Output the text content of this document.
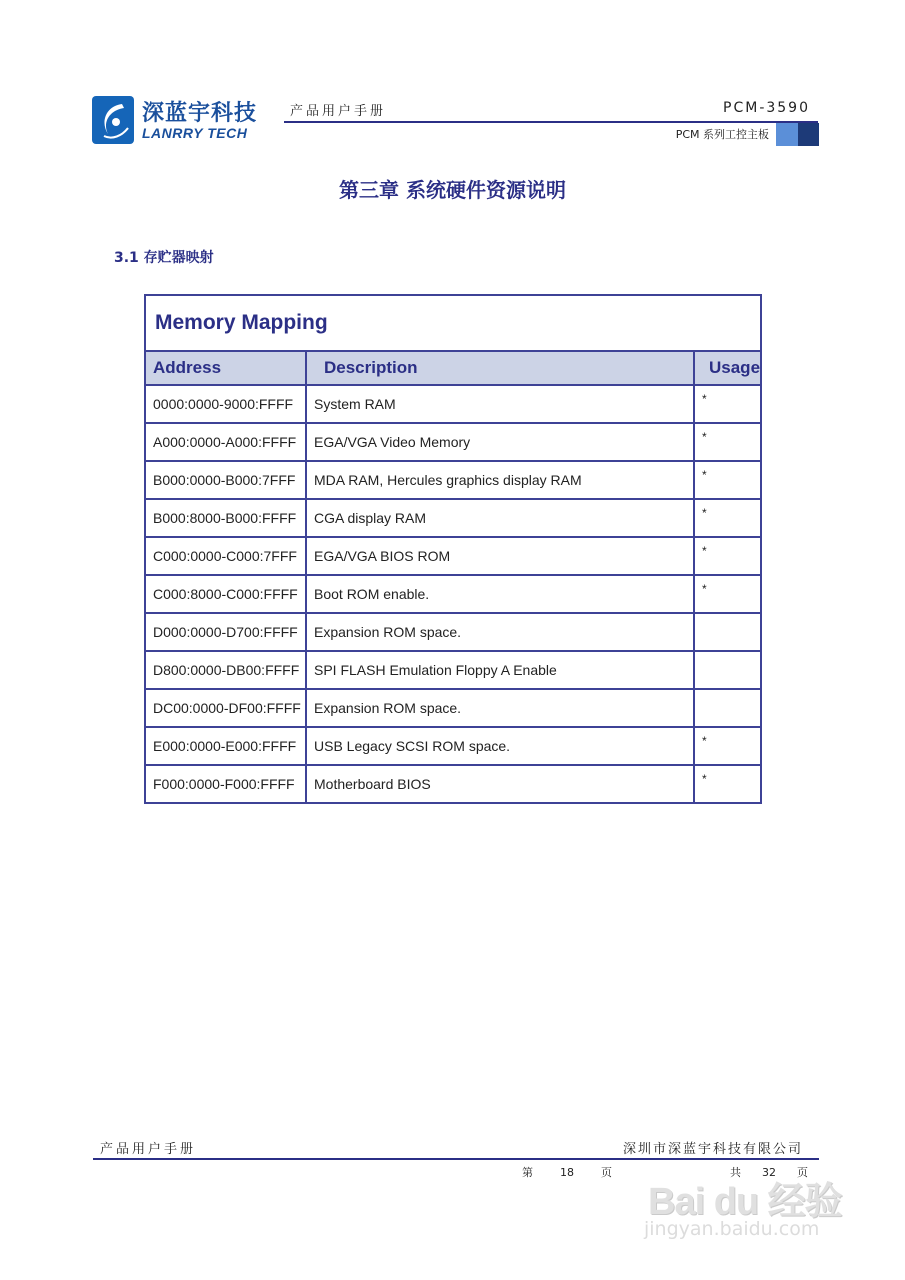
深蓝宇科技
LANRRY TECH
产品用户手册	PCM-3590
PCM 系列工控主板
第三章 系统硬件资源说明
3.1 存贮器映射
Memory Mapping
Address	Description	Usage
0000:0000-9000:FFFF	System RAM	*
A000:0000-A000:FFFF	EGA/VGA Video Memory	*
B000:0000-B000:7FFF	MDA RAM, Hercules graphics display RAM	*
B000:8000-B000:FFFF	CGA display RAM	*
C000:0000-C000:7FFF	EGA/VGA BIOS ROM	*
C000:8000-C000:FFFF	Boot ROM enable.	*
D000:0000-D700:FFFF	Expansion ROM space.	
D800:0000-DB00:FFFF	SPI FLASH Emulation Floppy A Enable	
DC00:0000-DF00:FFFF	Expansion ROM space.	
E000:0000-E000:FFFF	USB Legacy SCSI ROM space.	*
F000:0000-F000:FFFF	Motherboard BIOS	*
产品用户手册	深圳市深蓝宇科技有限公司
第 18 页	共 32 页
Bai du 经验
jingyan.baidu.com
